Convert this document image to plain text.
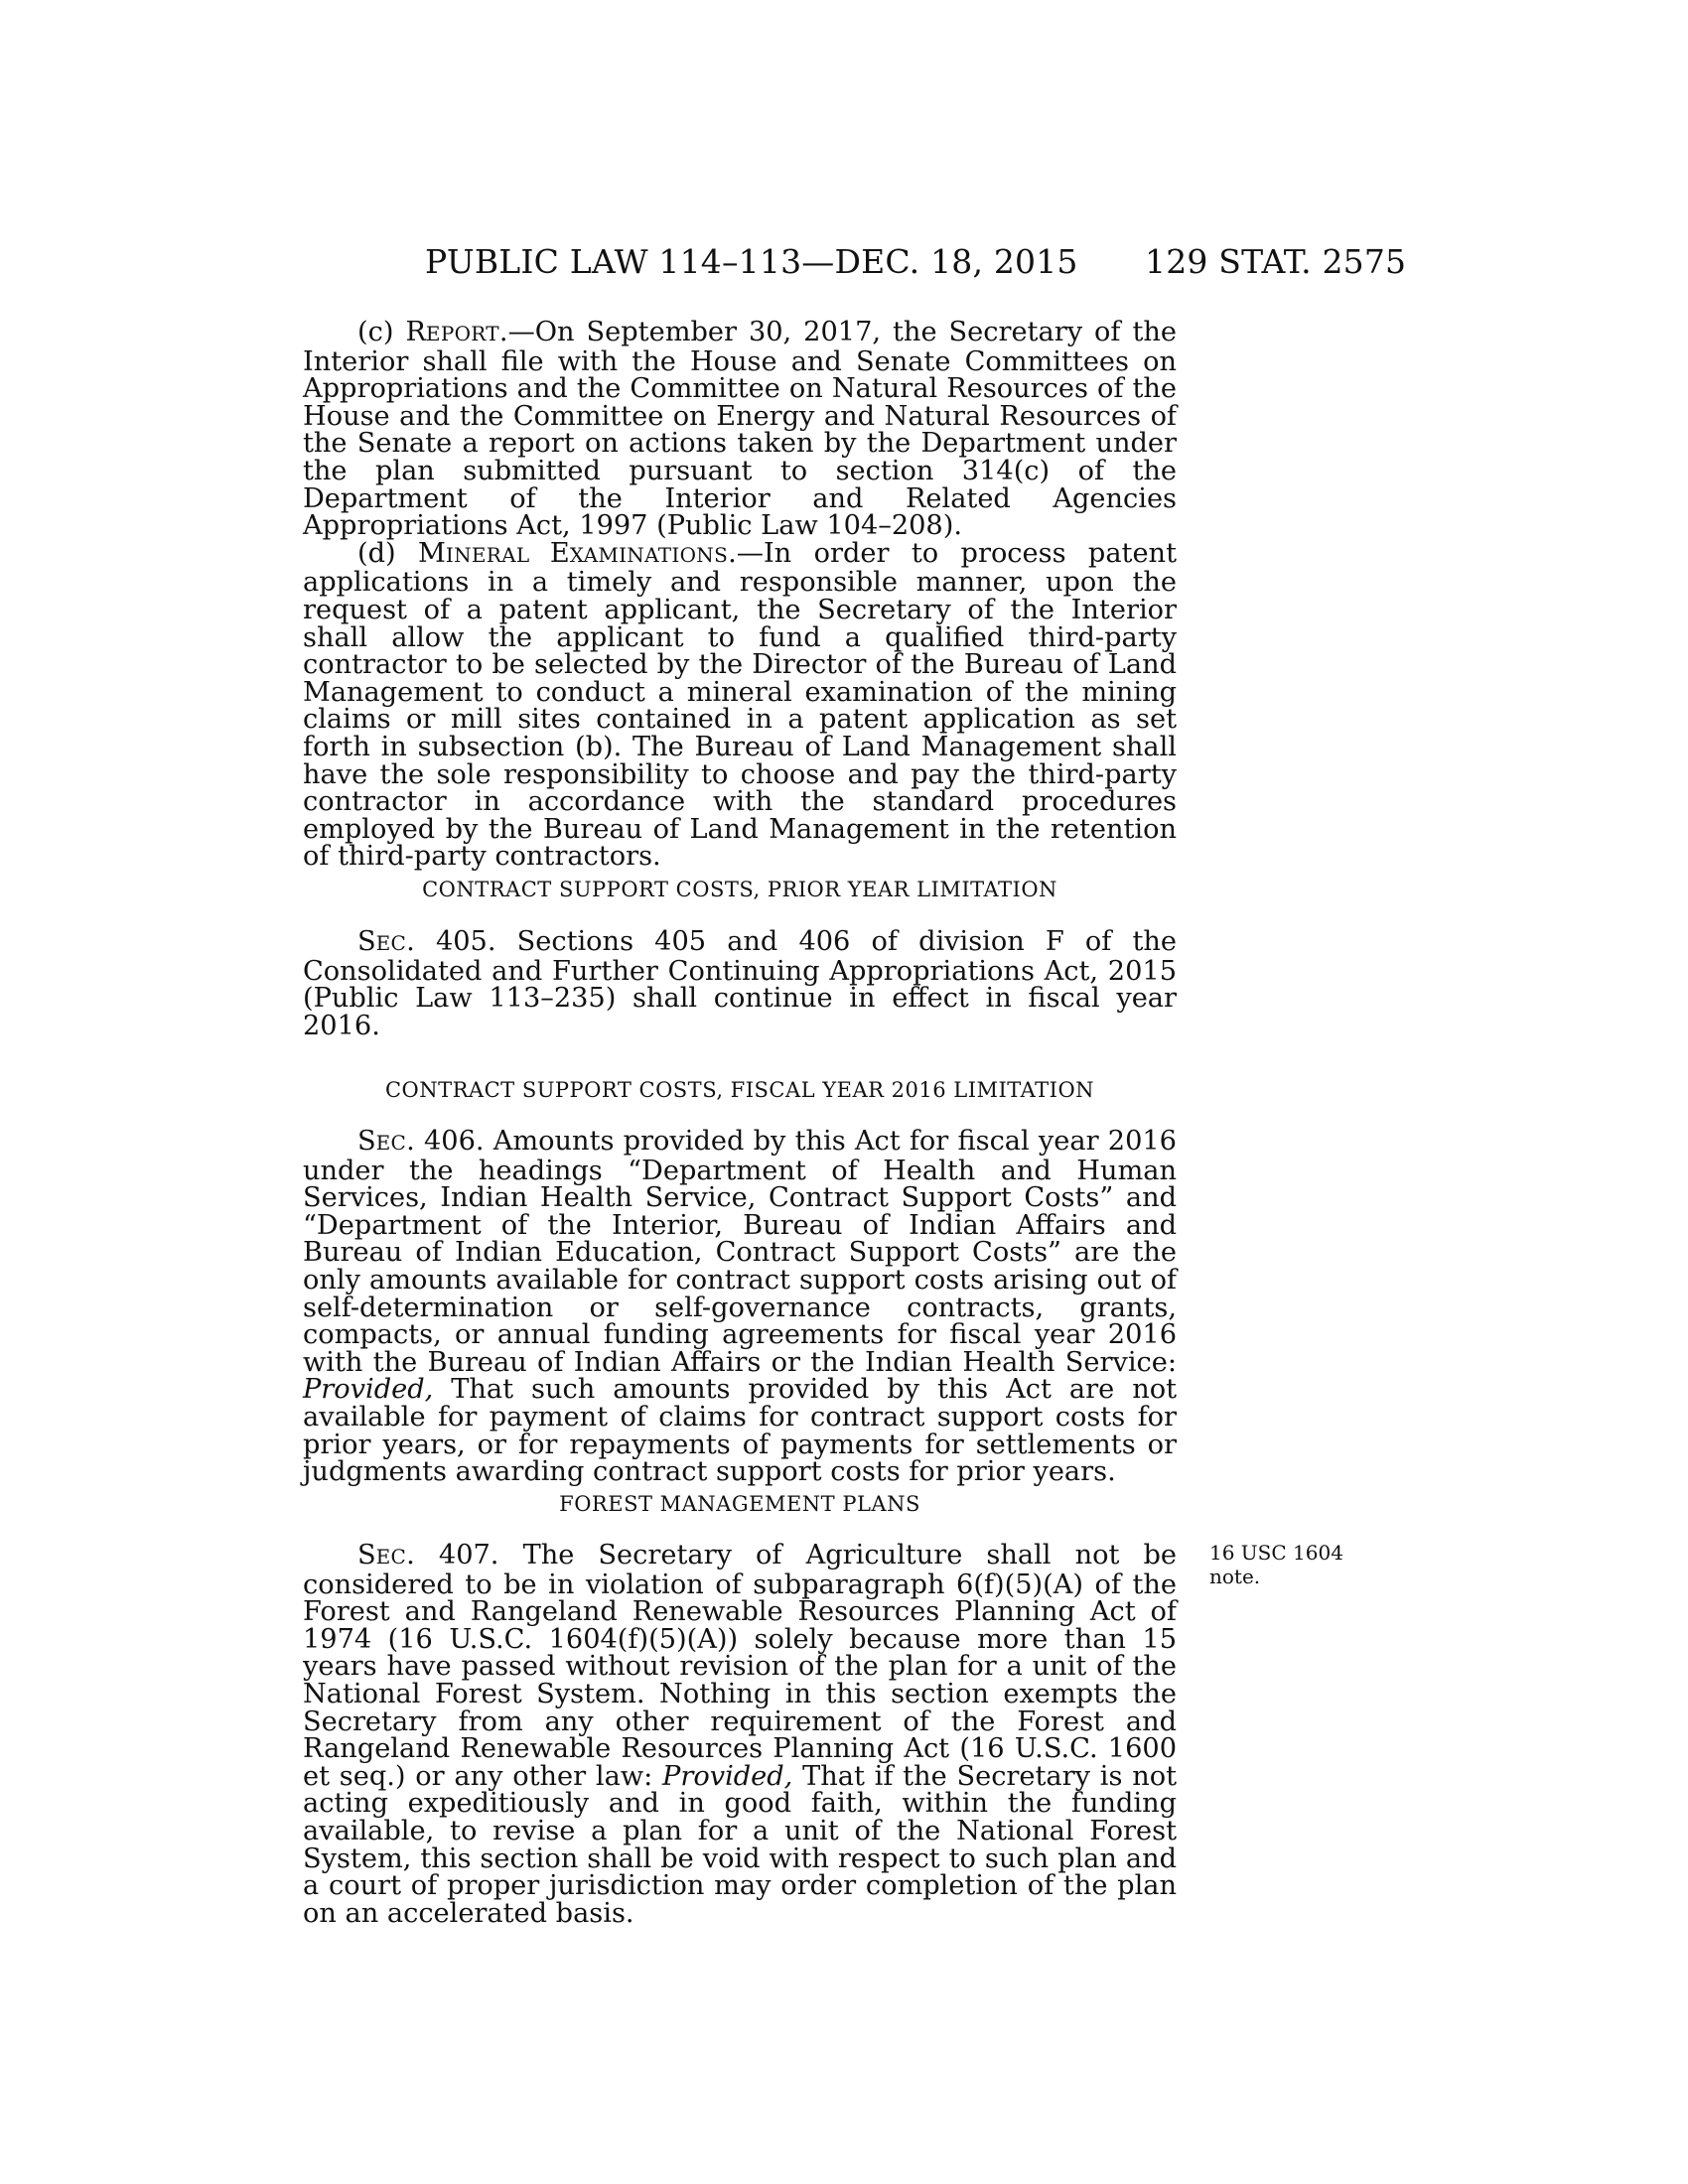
PUBLIC LAW 114–113—DEC. 18, 2015 129 STAT. 2575

(c) REPORT.—On September 30, 2017, the Secretary of the Interior shall file with the House and Senate Committees on Appropriations and the Committee on Natural Resources of the House and the Committee on Energy and Natural Resources of the Senate a report on actions taken by the Department under the plan submitted pursuant to section 314(c) of the Department of the Interior and Related Agencies Appropriations Act, 1997 (Public Law 104–208).

(d) MINERAL EXAMINATIONS.—In order to process patent applications in a timely and responsible manner, upon the request of a patent applicant, the Secretary of the Interior shall allow the applicant to fund a qualified third-party contractor to be selected by the Director of the Bureau of Land Management to conduct a mineral examination of the mining claims or mill sites contained in a patent application as set forth in subsection (b). The Bureau of Land Management shall have the sole responsibility to choose and pay the third-party contractor in accordance with the standard procedures employed by the Bureau of Land Management in the retention of third-party contractors.

CONTRACT SUPPORT COSTS, PRIOR YEAR LIMITATION

SEC. 405. Sections 405 and 406 of division F of the Consolidated and Further Continuing Appropriations Act, 2015 (Public Law 113–235) shall continue in effect in fiscal year 2016.

CONTRACT SUPPORT COSTS, FISCAL YEAR 2016 LIMITATION

SEC. 406. Amounts provided by this Act for fiscal year 2016 under the headings “Department of Health and Human Services, Indian Health Service, Contract Support Costs” and “Department of the Interior, Bureau of Indian Affairs and Bureau of Indian Education, Contract Support Costs” are the only amounts available for contract support costs arising out of self-determination or self-governance contracts, grants, compacts, or annual funding agreements for fiscal year 2016 with the Bureau of Indian Affairs or the Indian Health Service: Provided, That such amounts provided by this Act are not available for payment of claims for contract support costs for prior years, or for repayments of payments for settlements or judgments awarding contract support costs for prior years.

FOREST MANAGEMENT PLANS

SEC. 407. The Secretary of Agriculture shall not be considered to be in violation of subparagraph 6(f)(5)(A) of the Forest and Rangeland Renewable Resources Planning Act of 1974 (16 U.S.C. 1604(f)(5)(A)) solely because more than 15 years have passed without revision of the plan for a unit of the National Forest System. Nothing in this section exempts the Secretary from any other requirement of the Forest and Rangeland Renewable Resources Planning Act (16 U.S.C. 1600 et seq.) or any other law: Provided, That if the Secretary is not acting expeditiously and in good faith, within the funding available, to revise a plan for a unit of the National Forest System, this section shall be void with respect to such plan and a court of proper jurisdiction may order completion of the plan on an accelerated basis.

16 USC 1604
note.
